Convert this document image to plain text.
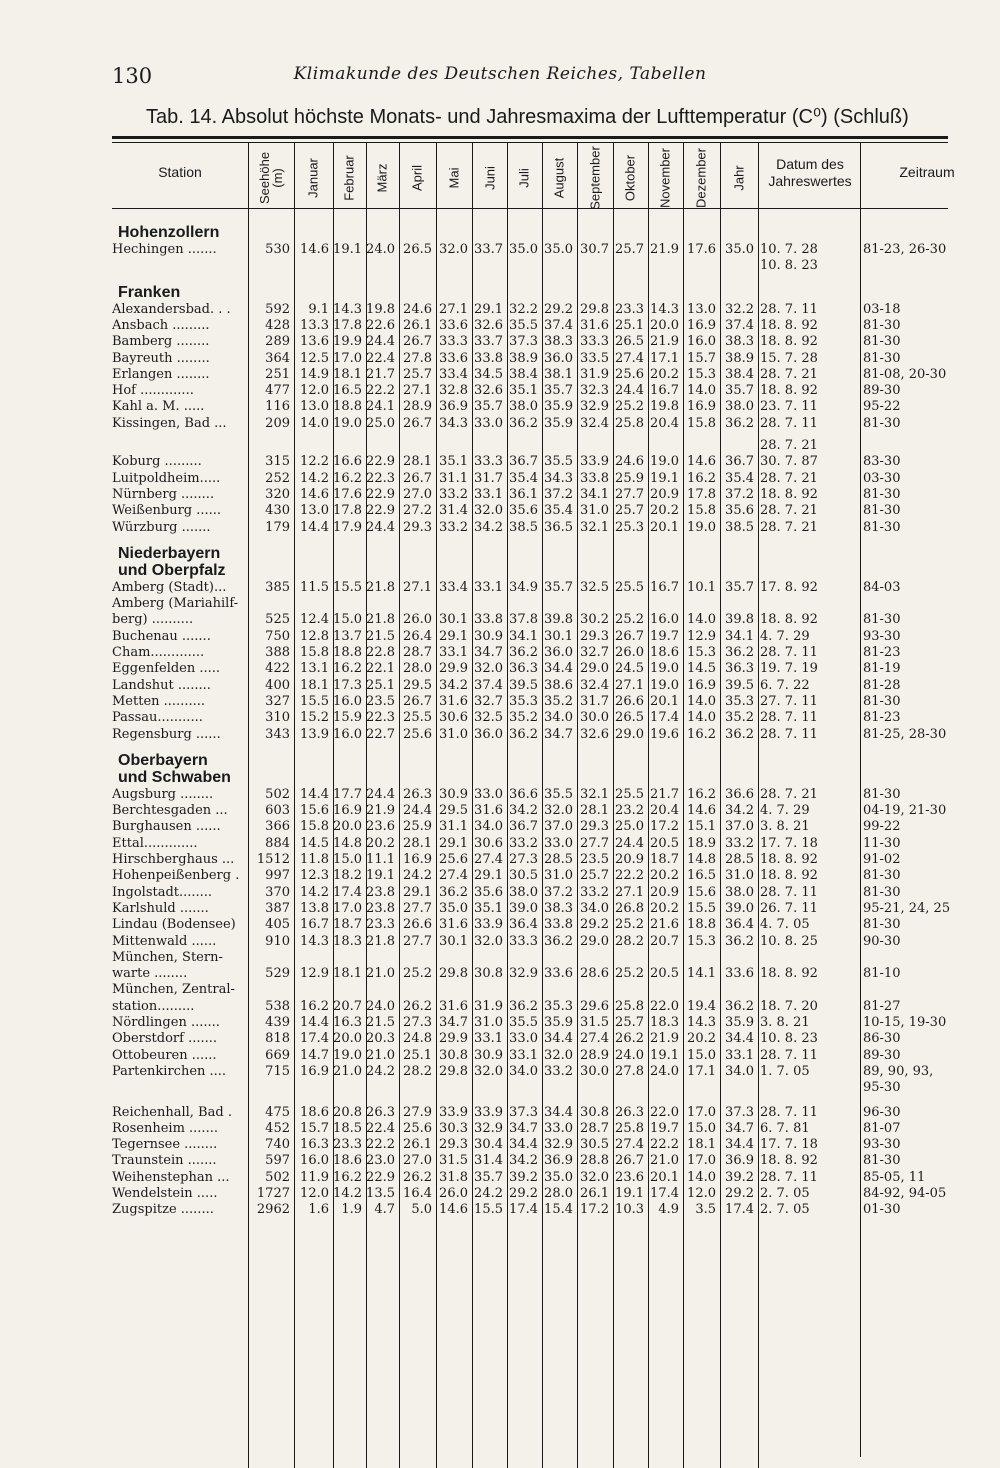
130	Klimakunde des Deutschen Reiches, Tabellen
Tab. 14. Absolut höchste Monats- und Jahresmaxima der Lufttemperatur (C⁰) (Schluß)
Station	Seehöhe (m) Januar Februar März April Mai Juni Juli August September Oktober November Dezember Jahr
Datum des Jahreswertes
Zeitraum
Hohenzollern
Hechingen .......	530 14.6 19.1 24.0 26.5 32.0 33.7 35.0 35.0 30.7 25.7 21.9 17.6 35.0 10. 7. 28	81-23, 26-30
10. 8. 23
Franken
Alexandersbad. . .	592 9.1 14.3 19.8 24.6 27.1 29.1 32.2 29.2 29.8 23.3 14.3 13.0 32.2 28. 7. 11	03-18
Ansbach .........	428 13.3 17.8 22.6 26.1 33.6 32.6 35.5 37.4 31.6 25.1 20.0 16.9 37.4 18. 8. 92	81-30
Bamberg ........	289 13.6 19.9 24.4 26.7 33.3 33.7 37.3 38.3 33.3 26.5 21.9 16.0 38.3 18. 8. 92	81-30
Bayreuth ........	364 12.5 17.0 22.4 27.8 33.6 33.8 38.9 36.0 33.5 27.4 17.1 15.7 38.9 15. 7. 28	81-30
Erlangen ........	251 14.9 18.1 21.7 25.7 33.4 34.5 38.4 38.1 31.9 25.6 20.2 15.3 38.4 28. 7. 21	81-08, 20-30
Hof .............	477 12.0 16.5 22.2 27.1 32.8 32.6 35.1 35.7 32.3 24.4 16.7 14.0 35.7 18. 8. 92	89-30
Kahl a. M. .....	116 13.0 18.8 24.1 28.9 36.9 35.7 38.0 35.9 32.9 25.2 19.8 16.9 38.0 23. 7. 11	95-22
Kissingen, Bad ...	209 14.0 19.0 25.0 26.7 34.3 33.0 36.2 35.9 32.4 25.8 20.4 15.8 36.2 28. 7. 11	81-30
28. 7. 21
Koburg .........	315 12.2 16.6 22.9 28.1 35.1 33.3 36.7 35.5 33.9 24.6 19.0 14.6 36.7 30. 7. 87	83-30
Luitpoldheim.....	252 14.2 16.2 22.3 26.7 31.1 31.7 35.4 34.3 33.8 25.9 19.1 16.2 35.4 28. 7. 21	03-30
Nürnberg ........	320 14.6 17.6 22.9 27.0 33.2 33.1 36.1 37.2 34.1 27.7 20.9 17.8 37.2 18. 8. 92	81-30
Weißenburg ......	430 13.0 17.8 22.9 27.2 31.4 32.0 35.6 35.4 31.0 25.7 20.2 15.8 35.6 28. 7. 21	81-30
Würzburg .......	179 14.4 17.9 24.4 29.3 33.2 34.2 38.5 36.5 32.1 25.3 20.1 19.0 38.5 28. 7. 21	81-30
Niederbayern
und Oberpfalz
Amberg (Stadt)...	385 11.5 15.5 21.8 27.1 33.4 33.1 34.9 35.7 32.5 25.5 16.7 10.1 35.7 17. 8. 92	84-03
Amberg (Mariahilf-
berg) ..........	525 12.4 15.0 21.8 26.0 30.1 33.8 37.8 39.8 30.2 25.2 16.0 14.0 39.8 18. 8. 92	81-30
Buchenau .......	750 12.8 13.7 21.5 26.4 29.1 30.9 34.1 30.1 29.3 26.7 19.7 12.9 34.1 4. 7. 29	93-30
Cham.............	388 15.8 18.8 22.8 28.7 33.1 34.7 36.2 36.0 32.7 26.0 18.6 15.3 36.2 28. 7. 11	81-23
Eggenfelden .....	422 13.1 16.2 22.1 28.0 29.9 32.0 36.3 34.4 29.0 24.5 19.0 14.5 36.3 19. 7. 19	81-19
Landshut ........	400 18.1 17.3 25.1 29.5 34.2 37.4 39.5 38.6 32.4 27.1 19.0 16.9 39.5 6. 7. 22	81-28
Metten ..........	327 15.5 16.0 23.5 26.7 31.6 32.7 35.3 35.2 31.7 26.6 20.1 14.0 35.3 27. 7. 11	81-30
Passau...........	310 15.2 15.9 22.3 25.5 30.6 32.5 35.2 34.0 30.0 26.5 17.4 14.0 35.2 28. 7. 11	81-23
Regensburg ......	343 13.9 16.0 22.7 25.6 31.0 36.0 36.2 34.7 32.6 29.0 19.6 16.2 36.2 28. 7. 11	81-25, 28-30
Oberbayern
und Schwaben
Augsburg ........	502 14.4 17.7 24.4 26.3 30.9 33.0 36.6 35.5 32.1 25.5 21.7 16.2 36.6 28. 7. 21	81-30
Berchtesgaden ...	603 15.6 16.9 21.9 24.4 29.5 31.6 34.2 32.0 28.1 23.2 20.4 14.6 34.2 4. 7. 29	04-19, 21-30
Burghausen ......	366 15.8 20.0 23.6 25.9 31.1 34.0 36.7 37.0 29.3 25.0 17.2 15.1 37.0 3. 8. 21	99-22
Ettal.............	884 14.5 14.8 20.2 28.1 29.1 30.6 33.2 33.0 27.7 24.4 20.5 18.9 33.2 17. 7. 18	11-30
Hirschberghaus ...	1512 11.8 15.0 11.1 16.9 25.6 27.4 27.3 28.5 23.5 20.9 18.7 14.8 28.5 18. 8. 92	91-02
Hohenpeißenberg .	997 12.3 18.2 19.1 24.2 27.4 29.1 30.5 31.0 25.7 22.2 20.2 16.5 31.0 18. 8. 92	81-30
Ingolstadt........	370 14.2 17.4 23.8 29.1 36.2 35.6 38.0 37.2 33.2 27.1 20.9 15.6 38.0 28. 7. 11	81-30
Karlshuld .......	387 13.8 17.0 23.8 27.7 35.0 35.1 39.0 38.3 34.0 26.8 20.2 15.5 39.0 26. 7. 11	95-21, 24, 25
Lindau (Bodensee)	405 16.7 18.7 23.3 26.6 31.6 33.9 36.4 33.8 29.2 25.2 21.6 18.8 36.4 4. 7. 05	81-30
Mittenwald ......	910 14.3 18.3 21.8 27.7 30.1 32.0 33.3 36.2 29.0 28.2 20.7 15.3 36.2 10. 8. 25	90-30
München, Stern-
warte ........	529 12.9 18.1 21.0 25.2 29.8 30.8 32.9 33.6 28.6 25.2 20.5 14.1 33.6 18. 8. 92	81-10
München, Zentral-
station.........	538 16.2 20.7 24.0 26.2 31.6 31.9 36.2 35.3 29.6 25.8 22.0 19.4 36.2 18. 7. 20	81-27
Nördlingen .......	439 14.4 16.3 21.5 27.3 34.7 31.0 35.5 35.9 31.5 25.7 18.3 14.3 35.9 3. 8. 21	10-15, 19-30
Oberstdorf .......	818 17.4 20.0 20.3 24.8 29.9 33.1 33.0 34.4 27.4 26.2 21.9 20.2 34.4 10. 8. 23	86-30
Ottobeuren ......	669 14.7 19.0 21.0 25.1 30.8 30.9 33.1 32.0 28.9 24.0 19.1 15.0 33.1 28. 7. 11	89-30
Partenkirchen ....	715 16.9 21.0 24.2 28.2 29.8 32.0 34.0 33.2 30.0 27.8 24.0 17.1 34.0 1. 7. 05	89, 90, 93,
95-30
Reichenhall, Bad .	475 18.6 20.8 26.3 27.9 33.9 33.9 37.3 34.4 30.8 26.3 22.0 17.0 37.3 28. 7. 11	96-30
Rosenheim .......	452 15.7 18.5 22.4 25.6 30.3 32.9 34.7 33.0 28.7 25.8 19.7 15.0 34.7 6. 7. 81	81-07
Tegernsee ........	740 16.3 23.3 22.2 26.1 29.3 30.4 34.4 32.9 30.5 27.4 22.2 18.1 34.4 17. 7. 18	93-30
Traunstein .......	597 16.0 18.6 23.0 27.0 31.5 31.4 34.2 36.9 28.8 26.7 21.0 17.0 36.9 18. 8. 92	81-30
Weihenstephan ...	502 11.9 16.2 22.9 26.2 31.8 35.7 39.2 35.0 32.0 23.6 20.1 14.0 39.2 28. 7. 11	85-05, 11
Wendelstein .....	1727 12.0 14.2 13.5 16.4 26.0 24.2 29.2 28.0 26.1 19.1 17.4 12.0 29.2 2. 7. 05	84-92, 94-05
Zugspitze ........	2962 1.6 1.9 4.7 5.0 14.6 15.5 17.4 15.4 17.2 10.3 4.9 3.5 17.4 2. 7. 05	01-30
